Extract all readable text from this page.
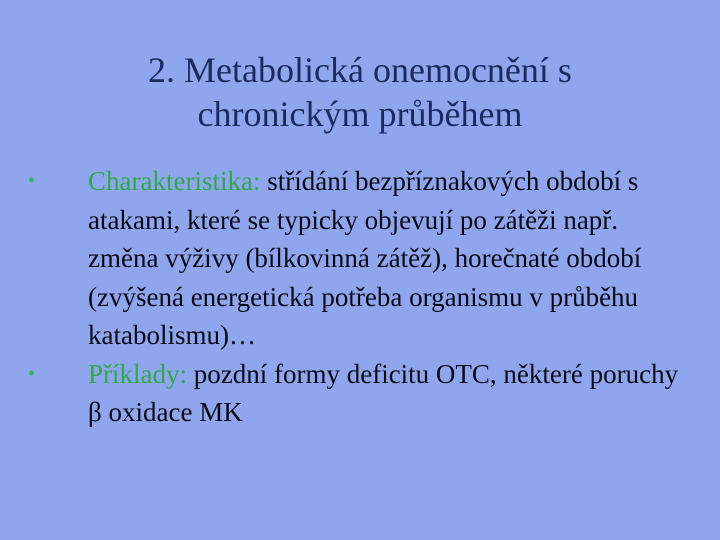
2. Metabolická onemocnění s
chronickým průběhem
•	Charakteristika: střídání bezpříznakových období s atakami, které se typicky objevují po zátěži např. změna výživy (bílkovinná zátěž), horečnaté období (zvýšená energetická potřeba organismu v průběhu katabolismu)…
•	Příklady: pozdní formy deficitu OTC, některé poruchy β oxidace MK
